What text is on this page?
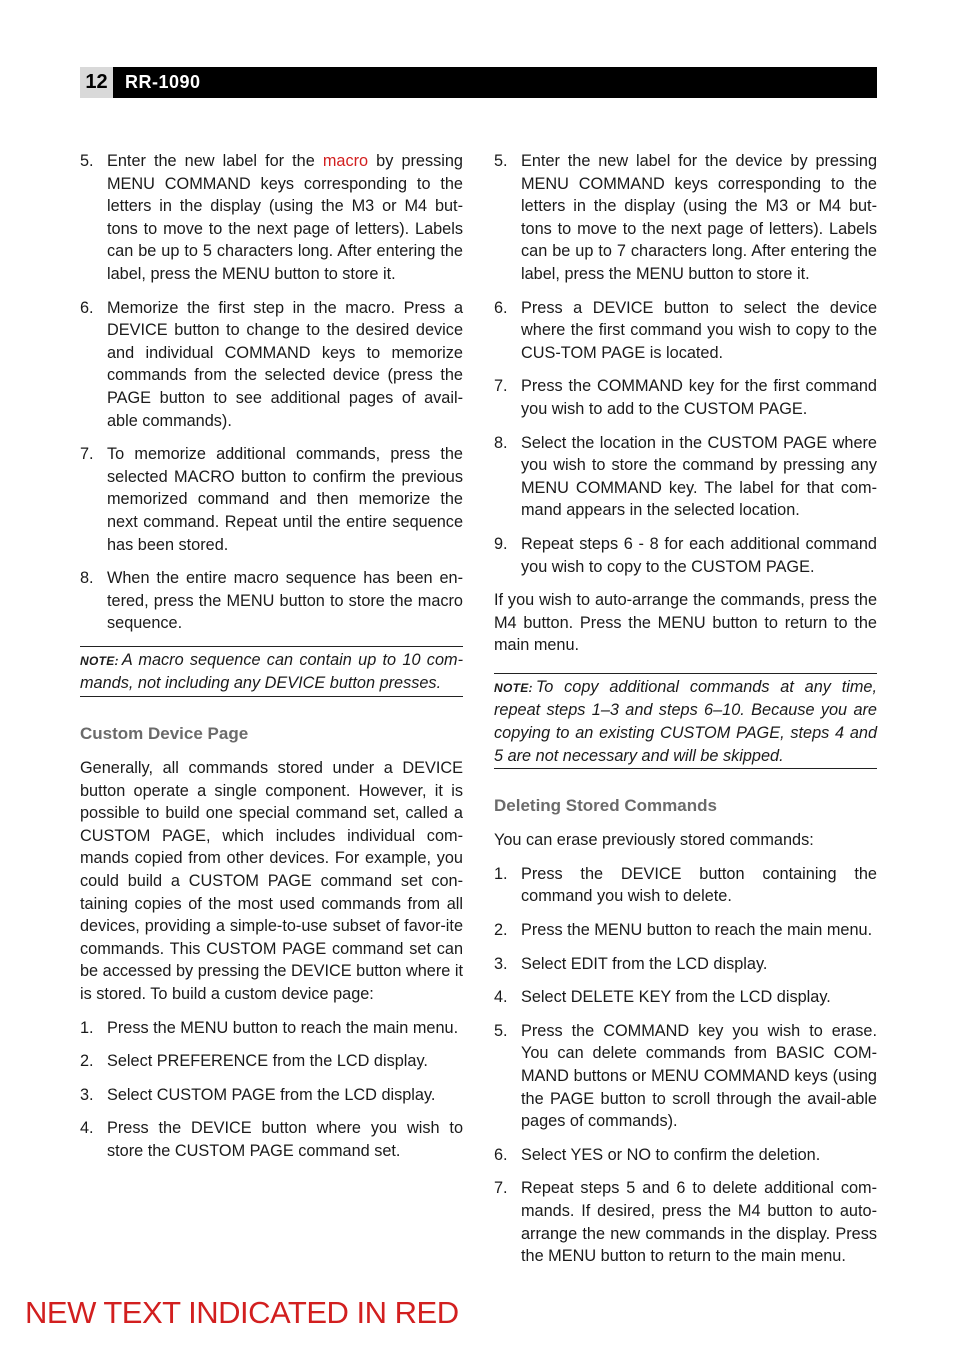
12 RR-1090
5. Enter the new label for the macro by pressing MENU COMMAND keys corresponding to the letters in the display (using the M3 or M4 but-tons to move to the next page of letters). Labels can be up to 5 characters long. After entering the label, press the MENU button to store it.
6. Memorize the first step in the macro. Press a DEVICE button to change to the desired device and individual COMMAND keys to memorize commands from the selected device (press the PAGE button to see additional pages of avail-able commands).
7. To memorize additional commands, press the selected MACRO button to confirm the previous memorized command and then memorize the next command. Repeat until the entire sequence has been stored.
8. When the entire macro sequence has been en-tered, press the MENU button to store the macro sequence.
NOTE: A macro sequence can contain up to 10 com-mands, not including any DEVICE button presses.
Custom Device Page
Generally, all commands stored under a DEVICE button operate a single component. However, it is possible to build one special command set, called a CUSTOM PAGE, which includes individual com-mands copied from other devices. For example, you could build a CUSTOM PAGE command set con-taining copies of the most used commands from all devices, providing a simple-to-use subset of favor-ite commands. This CUSTOM PAGE command set can be accessed by pressing the DEVICE button where it is stored. To build a custom device page:
1. Press the MENU button to reach the main menu.
2. Select PREFERENCE from the LCD display.
3. Select CUSTOM PAGE from the LCD display.
4. Press the DEVICE button where you wish to store the CUSTOM PAGE command set.
5. Enter the new label for the device by pressing MENU COMMAND keys corresponding to the letters in the display (using the M3 or M4 but-tons to move to the next page of letters). Labels can be up to 7 characters long. After entering the label, press the MENU button to store it.
6. Press a DEVICE button to select the device where the first command you wish to copy to the CUS-TOM PAGE is located.
7. Press the COMMAND key for the first command you wish to add to the CUSTOM PAGE.
8. Select the location in the CUSTOM PAGE where you wish to store the command by pressing any MENU COMMAND key. The label for that com-mand appears in the selected location.
9. Repeat steps 6 - 8 for each additional command you wish to copy to the CUSTOM PAGE.
If you wish to auto-arrange the commands, press the M4 button. Press the MENU button to return to the main menu.
NOTE: To copy additional commands at any time, repeat steps 1–3 and steps 6–10. Because you are copying to an existing CUSTOM PAGE, steps 4 and 5 are not necessary and will be skipped.
Deleting Stored Commands
You can erase previously stored commands:
1. Press the DEVICE button containing the command you wish to delete.
2. Press the MENU button to reach the main menu.
3. Select EDIT from the LCD display.
4. Select DELETE KEY from the LCD display.
5. Press the COMMAND key you wish to erase. You can delete commands from BASIC COM-MAND buttons or MENU COMMAND keys (using the PAGE button to scroll through the avail-able pages of commands).
6. Select YES or NO to confirm the deletion.
7. Repeat steps 5 and 6 to delete additional com-mands. If desired, press the M4 button to auto-arrange the new commands in the display. Press the MENU button to return to the main menu.
NEW TEXT INDICATED IN RED
